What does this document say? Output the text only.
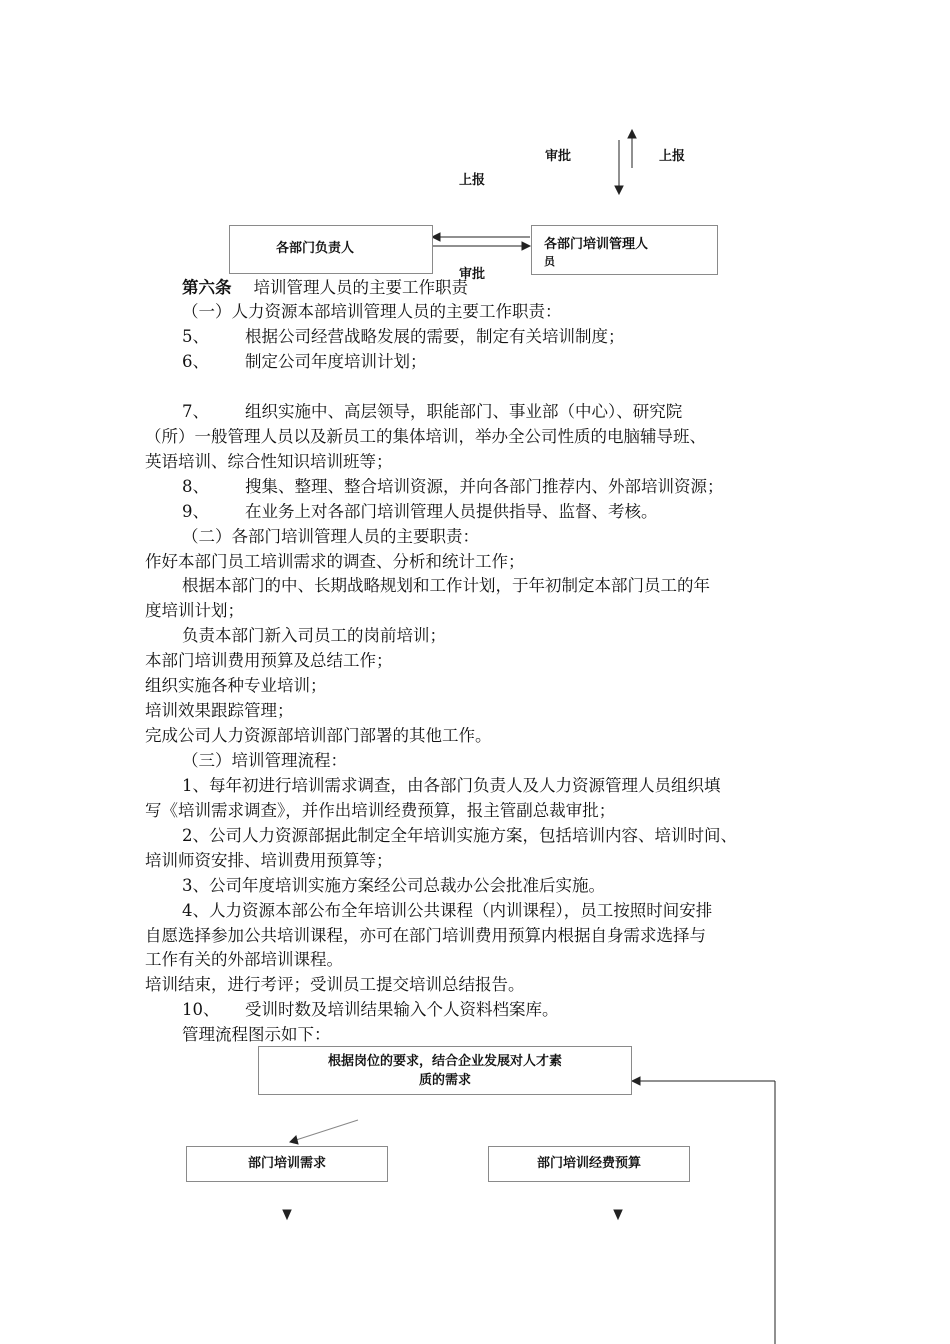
审批	上报
上报
各部门负责人	各部门培训管理人
员
审批
第六条 培训管理人员的主要工作职责
（一）人力资源本部培训管理人员的主要工作职责：
5、 根据公司经营战略发展的需要，制定有关培训制度；
6、 制定公司年度培训计划；
7、 组织实施中、高层领导，职能部门、事业部（中心）、研究院
（所）一般管理人员以及新员工的集体培训，举办全公司性质的电脑辅导班、
英语培训、综合性知识培训班等；
8、 搜集、整理、整合培训资源，并向各部门推荐内、外部培训资源；
9、 在业务上对各部门培训管理人员提供指导、监督、考核。
（二）各部门培训管理人员的主要职责：
作好本部门员工培训需求的调查、分析和统计工作；
根据本部门的中、长期战略规划和工作计划，于年初制定本部门员工的年
度培训计划；
负责本部门新入司员工的岗前培训；
本部门培训费用预算及总结工作；
组织实施各种专业培训；
培训效果跟踪管理；
完成公司人力资源部培训部门部署的其他工作。
（三）培训管理流程：
1、每年初进行培训需求调查，由各部门负责人及人力资源管理人员组织填
写《培训需求调查》，并作出培训经费预算，报主管副总裁审批；
2、公司人力资源部据此制定全年培训实施方案，包括培训内容、培训时间、
培训师资安排、培训费用预算等；
3、公司年度培训实施方案经公司总裁办公会批准后实施。
4、人力资源本部公布全年培训公共课程（内训课程），员工按照时间安排
自愿选择参加公共培训课程，亦可在部门培训费用预算内根据自身需求选择与
工作有关的外部培训课程。
培训结束，进行考评；受训员工提交培训总结报告。
10、 受训时数及培训结果输入个人资料档案库。
管理流程图示如下：
根据岗位的要求，结合企业发展对人才素
质的需求
部门培训需求	部门培训经费预算
